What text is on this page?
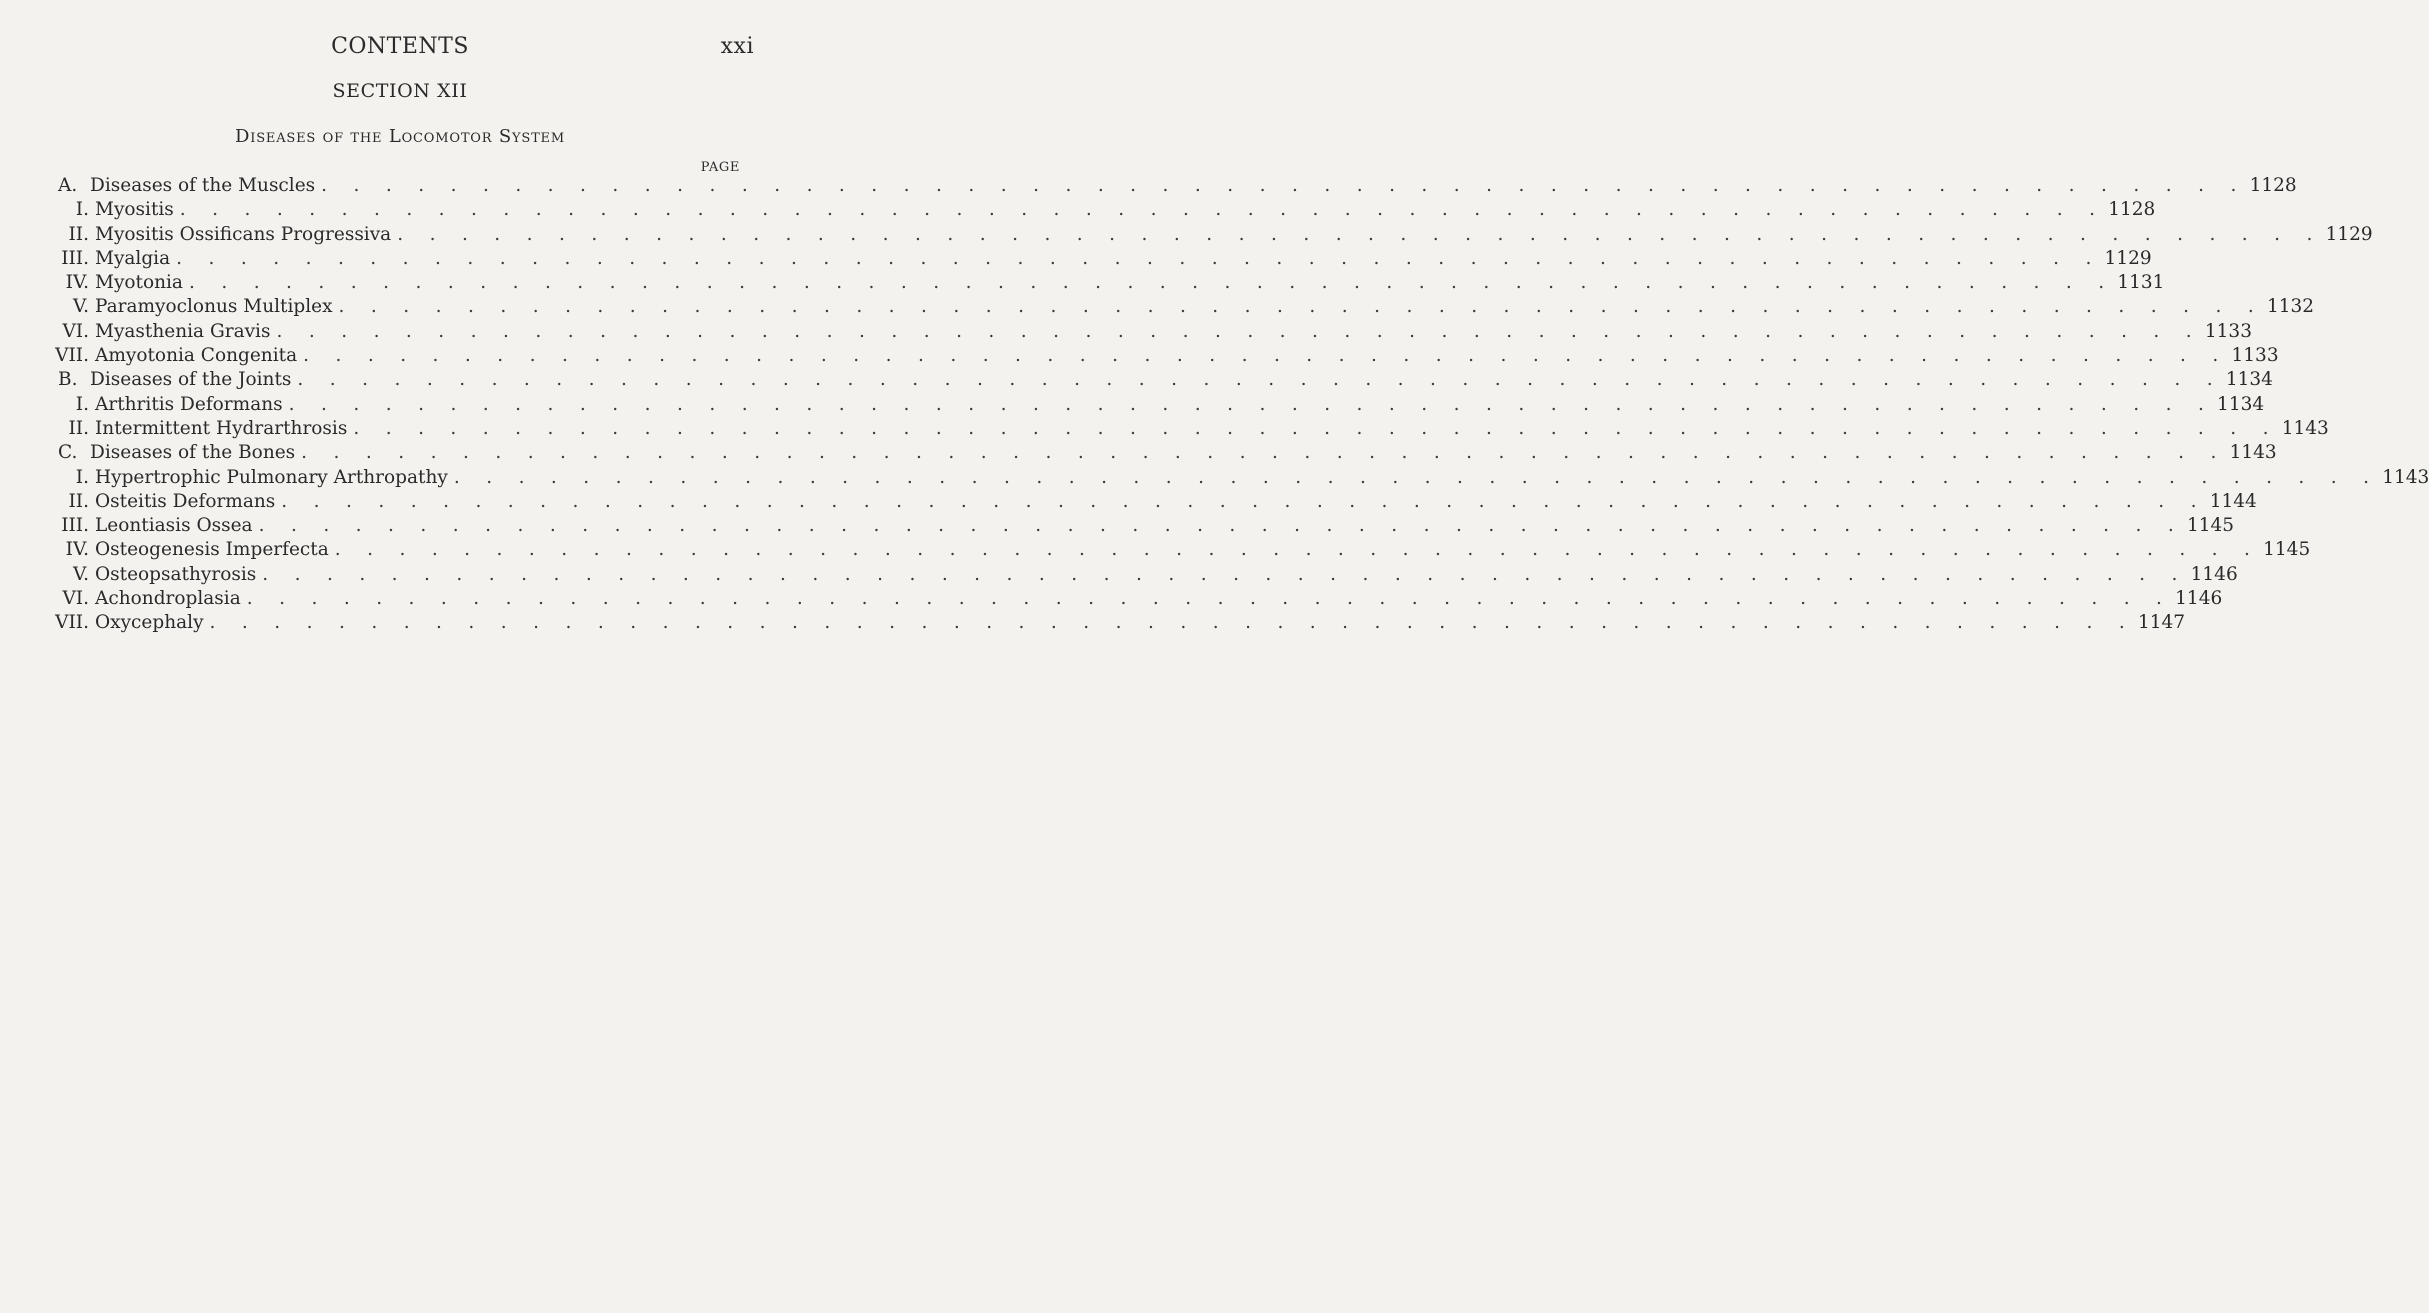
CONTENTS	xxi
SECTION XII
Diseases of the Locomotor System
PAGE
A. Diseases of the Muscles . . . . . . . . . . . . . . . . . . . . . . . . . . . . . . . . . . . . . . . . . . . . . . . . . . . . . . . . . . . . 1128
I. Myositis . . . . . . . . . . . . . . . . . . . . . . . . . . . . . . . . . . . . . . . . . . . . . . . . . . . . . . . . . . . . 1128
II. Myositis Ossificans Progressiva . . . . . . . . . . . . . . . . . . . . . . . . . . . . . . . . . . . . . . . . . . . . . . . . . . . . . . . . . . . . 1129
III. Myalgia . . . . . . . . . . . . . . . . . . . . . . . . . . . . . . . . . . . . . . . . . . . . . . . . . . . . . . . . . . . . 1129
IV. Myotonia . . . . . . . . . . . . . . . . . . . . . . . . . . . . . . . . . . . . . . . . . . . . . . . . . . . . . . . . . . . . 1131
V. Paramyoclonus Multiplex . . . . . . . . . . . . . . . . . . . . . . . . . . . . . . . . . . . . . . . . . . . . . . . . . . . . . . . . . . . . 1132
VI. Myasthenia Gravis . . . . . . . . . . . . . . . . . . . . . . . . . . . . . . . . . . . . . . . . . . . . . . . . . . . . . . . . . . . . 1133
VII. Amyotonia Congenita . . . . . . . . . . . . . . . . . . . . . . . . . . . . . . . . . . . . . . . . . . . . . . . . . . . . . . . . . . . . 1133
B. Diseases of the Joints . . . . . . . . . . . . . . . . . . . . . . . . . . . . . . . . . . . . . . . . . . . . . . . . . . . . . . . . . . . . 1134
I. Arthritis Deformans . . . . . . . . . . . . . . . . . . . . . . . . . . . . . . . . . . . . . . . . . . . . . . . . . . . . . . . . . . . . 1134
II. Intermittent Hydrarthrosis . . . . . . . . . . . . . . . . . . . . . . . . . . . . . . . . . . . . . . . . . . . . . . . . . . . . . . . . . . . . 1143
C. Diseases of the Bones . . . . . . . . . . . . . . . . . . . . . . . . . . . . . . . . . . . . . . . . . . . . . . . . . . . . . . . . . . . . 1143
I. Hypertrophic Pulmonary Arthropathy . . . . . . . . . . . . . . . . . . . . . . . . . . . . . . . . . . . . . . . . . . . . . . . . . . . . . . . . . . . . 1143
II. Osteitis Deformans . . . . . . . . . . . . . . . . . . . . . . . . . . . . . . . . . . . . . . . . . . . . . . . . . . . . . . . . . . . . 1144
III. Leontiasis Ossea . . . . . . . . . . . . . . . . . . . . . . . . . . . . . . . . . . . . . . . . . . . . . . . . . . . . . . . . . . . . 1145
IV. Osteogenesis Imperfecta . . . . . . . . . . . . . . . . . . . . . . . . . . . . . . . . . . . . . . . . . . . . . . . . . . . . . . . . . . . . 1145
V. Osteopsathyrosis . . . . . . . . . . . . . . . . . . . . . . . . . . . . . . . . . . . . . . . . . . . . . . . . . . . . . . . . . . . . 1146
VI. Achondroplasia . . . . . . . . . . . . . . . . . . . . . . . . . . . . . . . . . . . . . . . . . . . . . . . . . . . . . . . . . . . . 1146
VII. Oxycephaly . . . . . . . . . . . . . . . . . . . . . . . . . . . . . . . . . . . . . . . . . . . . . . . . . . . . . . . . . . . . 1147
